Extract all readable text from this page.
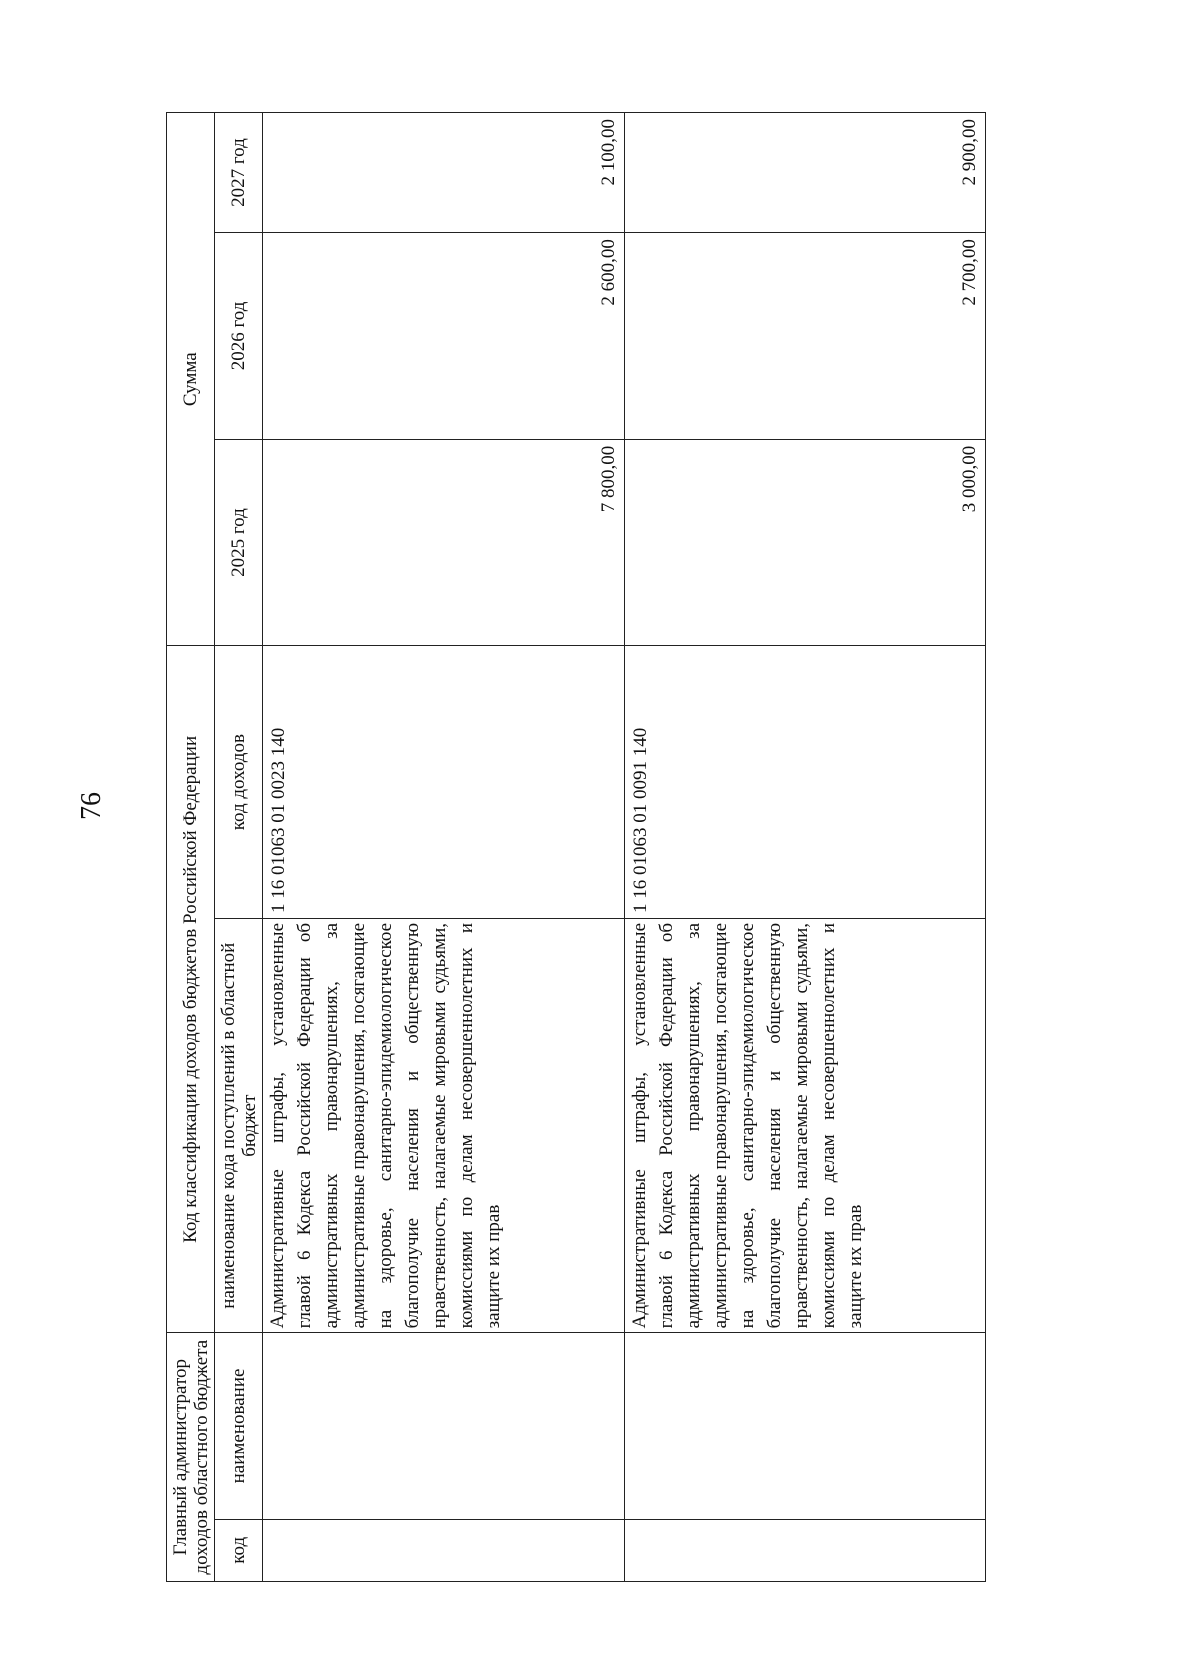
76
Главный администратор доходов областного бюджета		Код классификации доходов бюджетов Российской Федерации		Сумма		
код	наименование	наименование кода поступлений в областной бюджет	код доходов	2025 год	2026 год	2027 год
		Административные штрафы, установленные главой 6 Кодекса Российской Федерации об административных правонарушениях, за административные правонарушения, посягающие на здоровье, санитарно-эпидемиологическое благополучие населения и общественную нравственность, налагаемые мировыми судьями, комиссиями по делам несовершеннолетних и защите их прав	1 16 01063 01 0023 140	7 800,00	2 600,00	2 100,00
		Административные штрафы, установленные главой 6 Кодекса Российской Федерации об административных правонарушениях, за административные правонарушения, посягающие на здоровье, санитарно-эпидемиологическое благополучие населения и общественную нравственность, налагаемые мировыми судьями, комиссиями по делам несовершеннолетних и защите их прав	1 16 01063 01 0091 140	3 000,00	2 700,00	2 900,00
